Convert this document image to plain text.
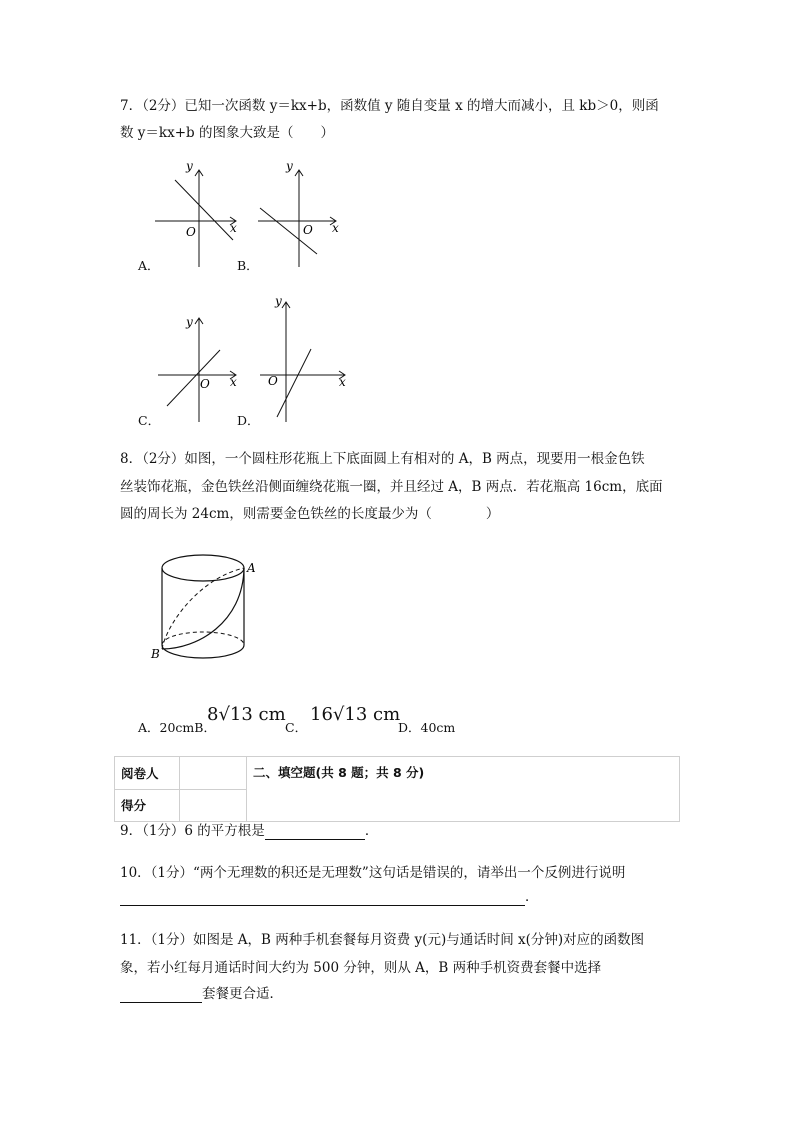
7．（2分）已知一次函数 y＝kx+b，函数值 y 随自变量 x 的增大而减小，且 kb＞0，则函
数 y＝kx+b 的图象大致是（　　）
y
x
O
A．
y
x
O
B．
y
x
O
C．
y
x
O
D．
8．（2分）如图，一个圆柱形花瓶上下底面圆上有相对的 A，B 两点，现要用一根金色铁
丝装饰花瓶，金色铁丝沿侧面缠绕花瓶一圈，并且经过 A，B 两点．若花瓶高 16cm，底面
圆的周长为 24cm，则需要金色铁丝的长度最少为（　　　　）
A
B
A．20cmB．
8√13 cm
C．
16√13 cm
D．40cm
阅卷人		二、填空题(共 8 题；共 8 分)
得分		
9．（1分）6 的平方根是	．
10．（1分）“两个无理数的积还是无理数”这句话是错误的，请举出一个反例进行说明
．
11．（1分）如图是 A，B 两种手机套餐每月资费 y(元)与通话时间 x(分钟)对应的函数图
象，若小红每月通话时间大约为 500 分钟，则从 A，B 两种手机资费套餐中选择
套餐更合适．
